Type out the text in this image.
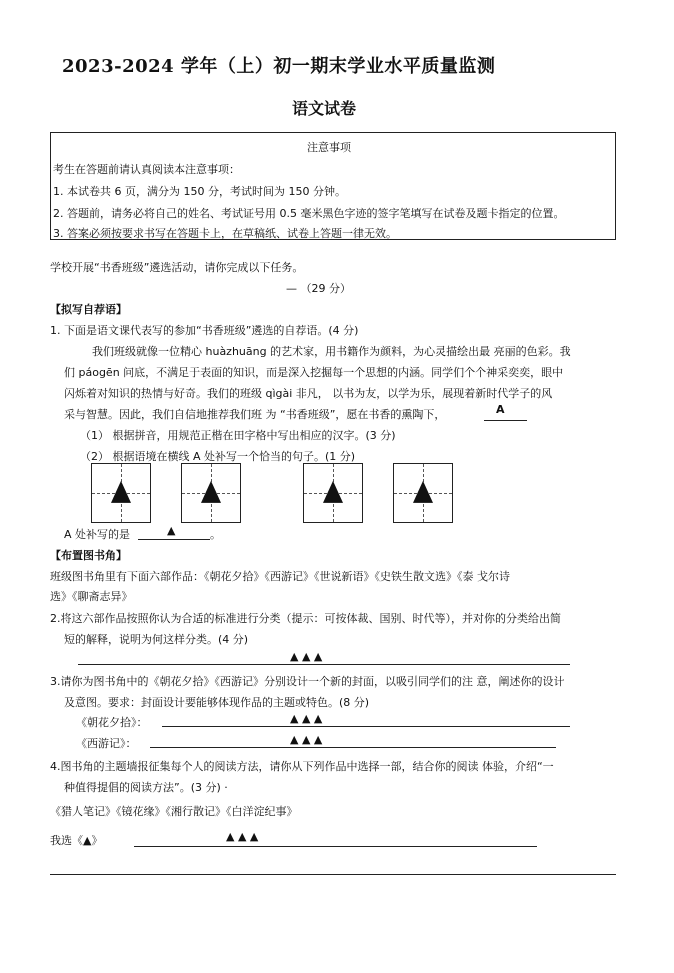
2023-2024 学年（上）初一期末学业水平质量监测
语文试卷
注意事项
考生在答题前请认真阅读本注意事项：
1. 本试卷共 6 页，满分为 150 分，考试时间为 150 分钟。
2. 答题前，请务必将自己的姓名、考试证号用 0.5 毫米黑色字迹的签字笔填写在试卷及题卡指定的位置。
3. 答案必须按要求书写在答题卡上，在草稿纸、试卷上答题一律无效。
学校开展“书香班级”遴选活动，请你完成以下任务。
— （29 分）
【拟写自荐语】
1. 下面是语文课代表写的参加“书香班级”遴选的自荐语。(4 分)
我们班级就像一位精心 huàzhuāng 的艺术家，用书籍作为颜料，为心灵描绘出最 亮丽的色彩。我
们 páogēn 问底，不满足于表面的知识，而是深入挖掘每一个思想的内涵。同学们个个神采奕奕，眼中
闪烁着对知识的热情与好奇。我们的班级 qìgài 非凡， 以书为友，以学为乐，展现着新时代学子的风
采与智慧。因此，我们自信地推荐我们班 为 “书香班级”，愿在书香的熏陶下，	A
（1） 根据拼音，用规范正楷在田字格中写出相应的汉字。(3 分)
（2） 根据语境在横线 A 处补写一个恰当的句子。(1 分)
A 处补写的是	▲	。
【布置图书角】
班级图书角里有下面六部作品：《朝花夕拾》《西游记》《世说新语》《史铁生散文选》《泰 戈尔诗
选》《聊斋志异》
2.将这六部作品按照你认为合适的标准进行分类（提示：可按体裁、国别、时代等），并对你的分类给出简
短的解释，说明为何这样分类。(4 分)
▲ ▲ ▲
3.请你为图书角中的《朝花夕拾》《西游记》分别设计一个新的封面，以吸引同学们的注 意，阐述你的设计
及意图。要求：封面设计要能够体现作品的主题或特色。(8 分)
《朝花夕拾》：	▲ ▲ ▲
《西游记》：	▲ ▲ ▲
4.图书角的主题墙报征集每个人的阅读方法，请你从下列作品中选择一部，结合你的阅读 体验，介绍“一
种值得提倡的阅读方法”。(3 分) ·
《猎人笔记》《镜花缘》《湘行散记》《白洋淀纪事》
我选《▲》	▲ ▲ ▲
